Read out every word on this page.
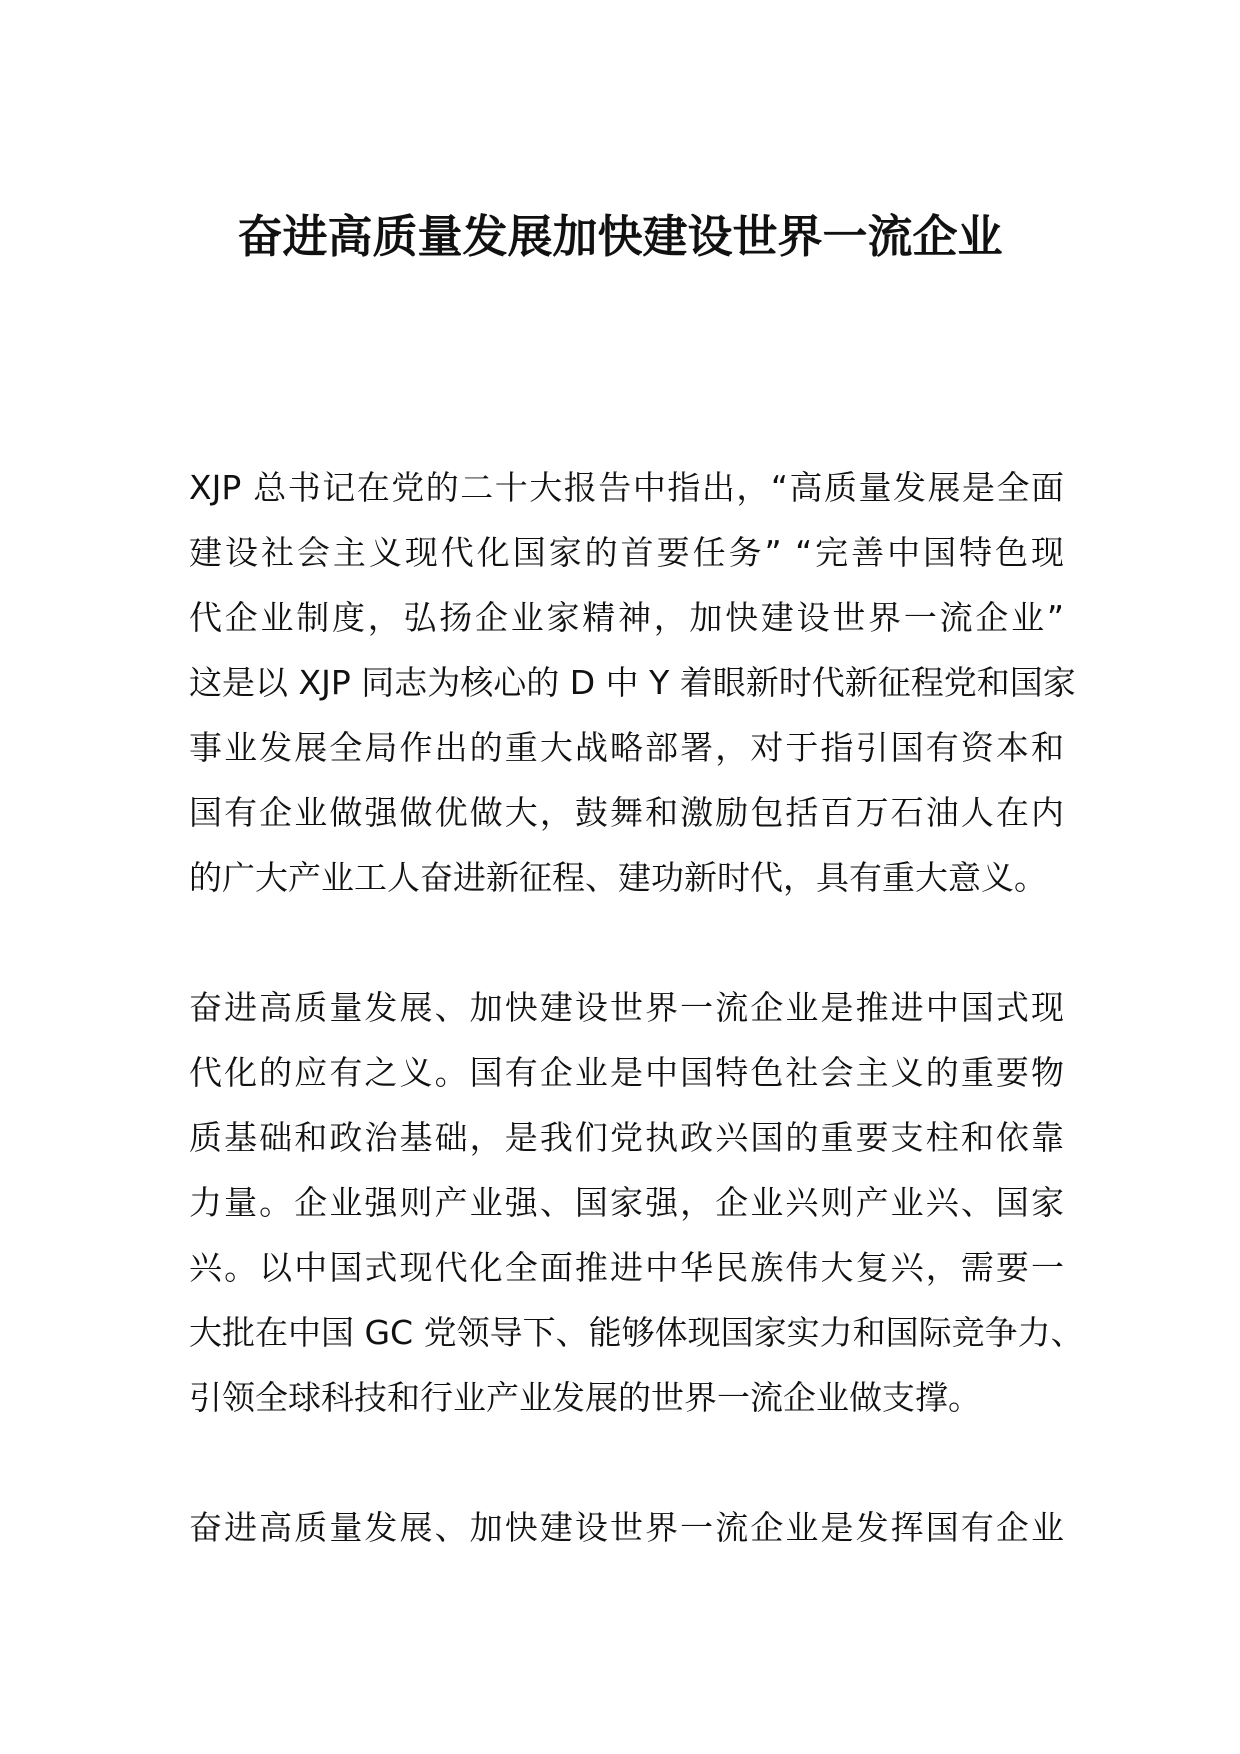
奋进高质量发展加快建设世界一流企业
XJP 总书记在党的二十大报告中指出，“高质量发展是全面
建设社会主义现代化国家的首要任务” “完善中国特色现
代企业制度，弘扬企业家精神，加快建设世界一流企业”
这是以 XJP 同志为核心的 D 中 Y 着眼新时代新征程党和国家
事业发展全局作出的重大战略部署，对于指引国有资本和
国有企业做强做优做大，鼓舞和激励包括百万石油人在内
的广大产业工人奋进新征程、建功新时代，具有重大意义。
奋进高质量发展、加快建设世界一流企业是推进中国式现
代化的应有之义。国有企业是中国特色社会主义的重要物
质基础和政治基础，是我们党执政兴国的重要支柱和依靠
力量。企业强则产业强、国家强，企业兴则产业兴、国家
兴。以中国式现代化全面推进中华民族伟大复兴，需要一
大批在中国 GC 党领导下、能够体现国家实力和国际竞争力、
引领全球科技和行业产业发展的世界一流企业做支撑。
奋进高质量发展、加快建设世界一流企业是发挥国有企业
